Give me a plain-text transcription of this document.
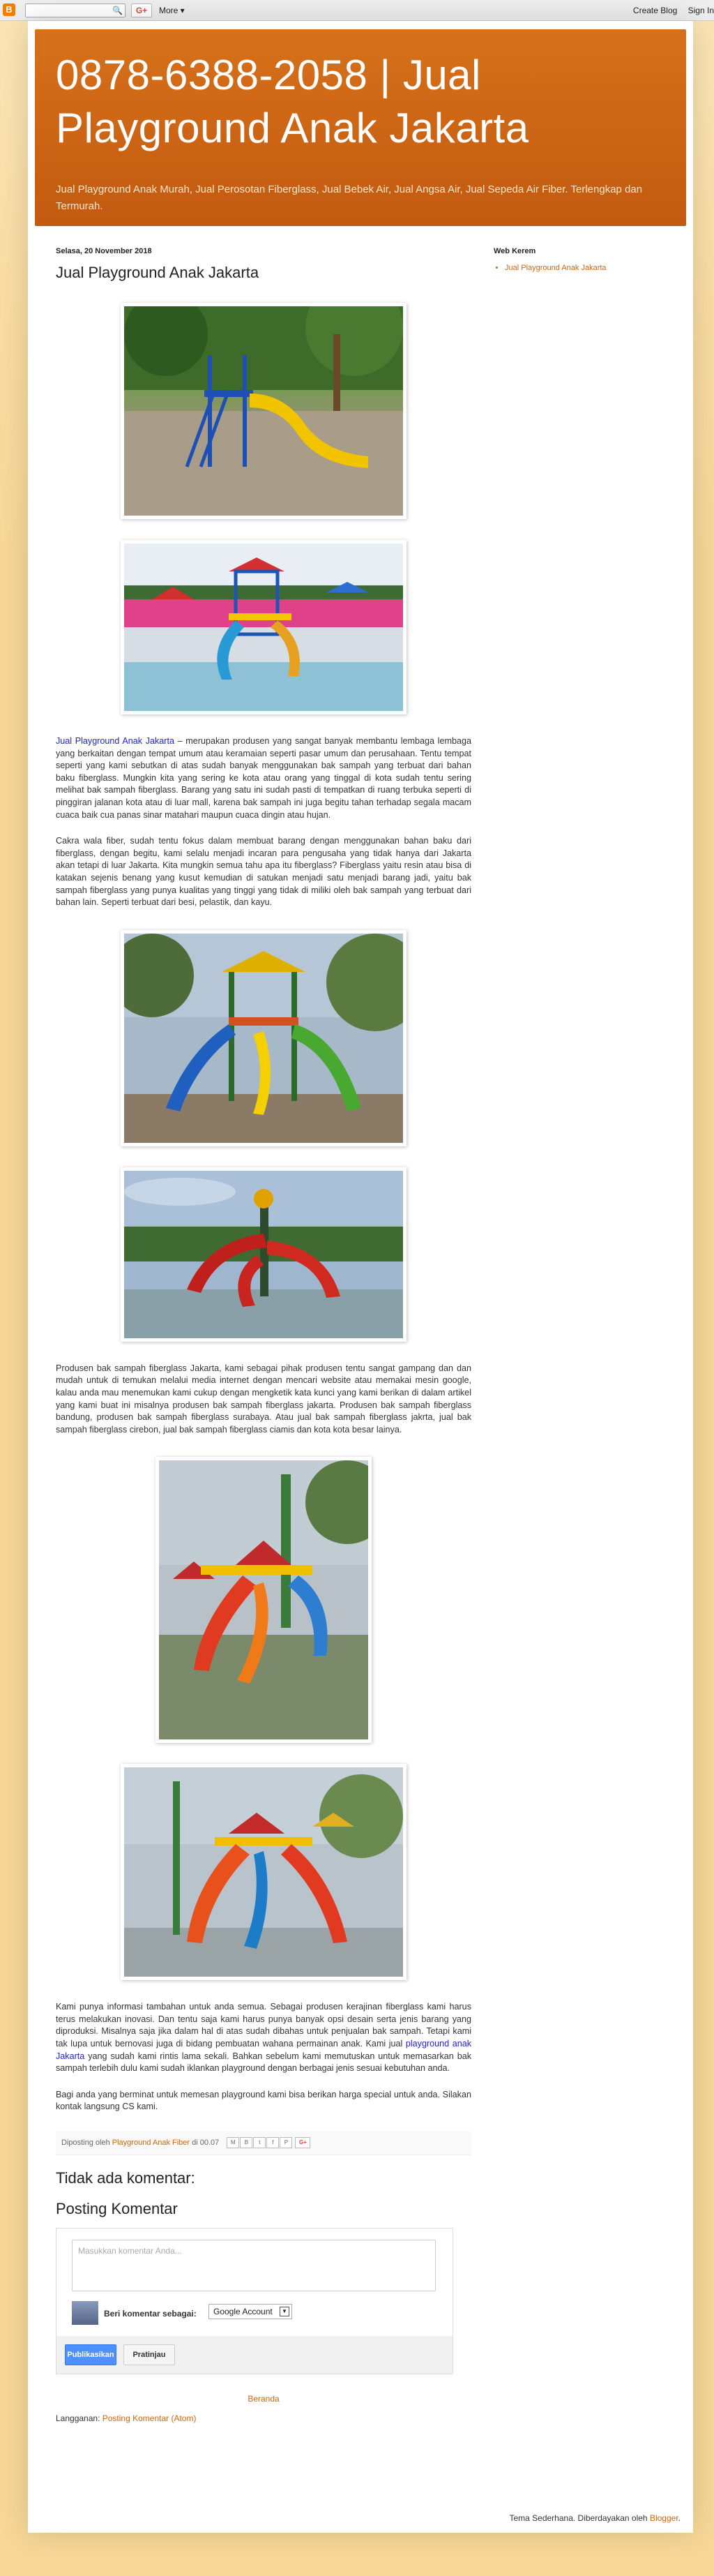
B	🔍	G+	More ▾	Create Blog Sign In
0878-6388-2058 | Jual Playground Anak Jakarta
Jual Playground Anak Murah, Jual Perosotan Fiberglass, Jual Bebek Air, Jual Angsa Air, Jual Sepeda Air Fiber. Terlengkap dan Termurah.
Selasa, 20 November 2018
Jual Playground Anak Jakarta
Jual Playground Anak Jakarta – merupakan produsen yang sangat banyak membantu lembaga lembaga yang berkaitan dengan tempat umum atau keramaian seperti pasar umum dan perusahaan. Tentu tempat seperti yang kami sebutkan di atas sudah banyak menggunakan bak sampah yang terbuat dari bahan baku fiberglass. Mungkin kita yang sering ke kota atau orang yang tinggal di kota sudah tentu sering melihat bak sampah fiberglass. Barang yang satu ini sudah pasti di tempatkan di ruang terbuka seperti di pinggiran jalanan kota atau di luar mall, karena bak sampah ini juga begitu tahan terhadap segala macam cuaca baik cua panas sinar matahari maupun cuaca dingin atau hujan.
Cakra wala fiber, sudah tentu fokus dalam membuat barang dengan menggunakan bahan baku dari fiberglass, dengan begitu, kami selalu menjadi incaran para pengusaha yang tidak hanya dari Jakarta akan tetapi di luar Jakarta. Kita mungkin semua tahu apa itu fiberglass? Fiberglass yaitu resin atau bisa di katakan sejenis benang yang kusut kemudian di satukan menjadi satu menjadi barang jadi, yaitu bak sampah fiberglass yang punya kualitas yang tinggi yang tidak di miliki oleh bak sampah yang terbuat dari bahan lain. Seperti terbuat dari besi, pelastik, dan kayu.
Produsen bak sampah fiberglass Jakarta, kami sebagai pihak produsen tentu sangat gampang dan dan mudah untuk di temukan melalui media internet dengan mencari website atau memakai mesin google, kalau anda mau menemukan kami cukup dengan mengketik kata kunci yang kami berikan di dalam artikel yang kami buat ini misalnya produsen bak sampah fiberglass jakarta. Produsen bak sampah fiberglass bandung, produsen bak sampah fiberglass surabaya. Atau jual bak sampah fiberglass jakrta, jual bak sampah fiberglass cirebon, jual bak sampah fiberglass ciamis dan kota kota besar lainya.
Kami punya informasi tambahan untuk anda semua. Sebagai produsen kerajinan fiberglass kami harus terus melakukan inovasi. Dan tentu saja kami harus punya banyak opsi desain serta jenis barang yang diproduksi. Misalnya saja jika dalam hal di atas sudah dibahas untuk penjualan bak sampah. Tetapi kami tak lupa untuk bernovasi juga di bidang pembuatan wahana permainan anak. Kami jual playground anak Jakarta yang sudah kami rintis lama sekali. Bahkan sebelum kami memutuskan untuk memasarkan bak sampah terlebih dulu kami sudah iklankan playground dengan berbagai jenis sesuai kebutuhan anda.
Bagi anda yang berminat untuk memesan playground kami bisa berikan harga special untuk anda. Silakan kontak langsung CS kami.
Diposting oleh Playground Anak Fiber di 00.07 M B t f P G+
Tidak ada komentar:
Posting Komentar
Masukkan komentar Anda...
Beri komentar sebagai:	Google Account	▼
Publikasikan	Pratinjau
Beranda
Langganan: Posting Komentar (Atom)
Web Kerem
• Jual Playground Anak Jakarta
Tema Sederhana. Diberdayakan oleh Blogger.
